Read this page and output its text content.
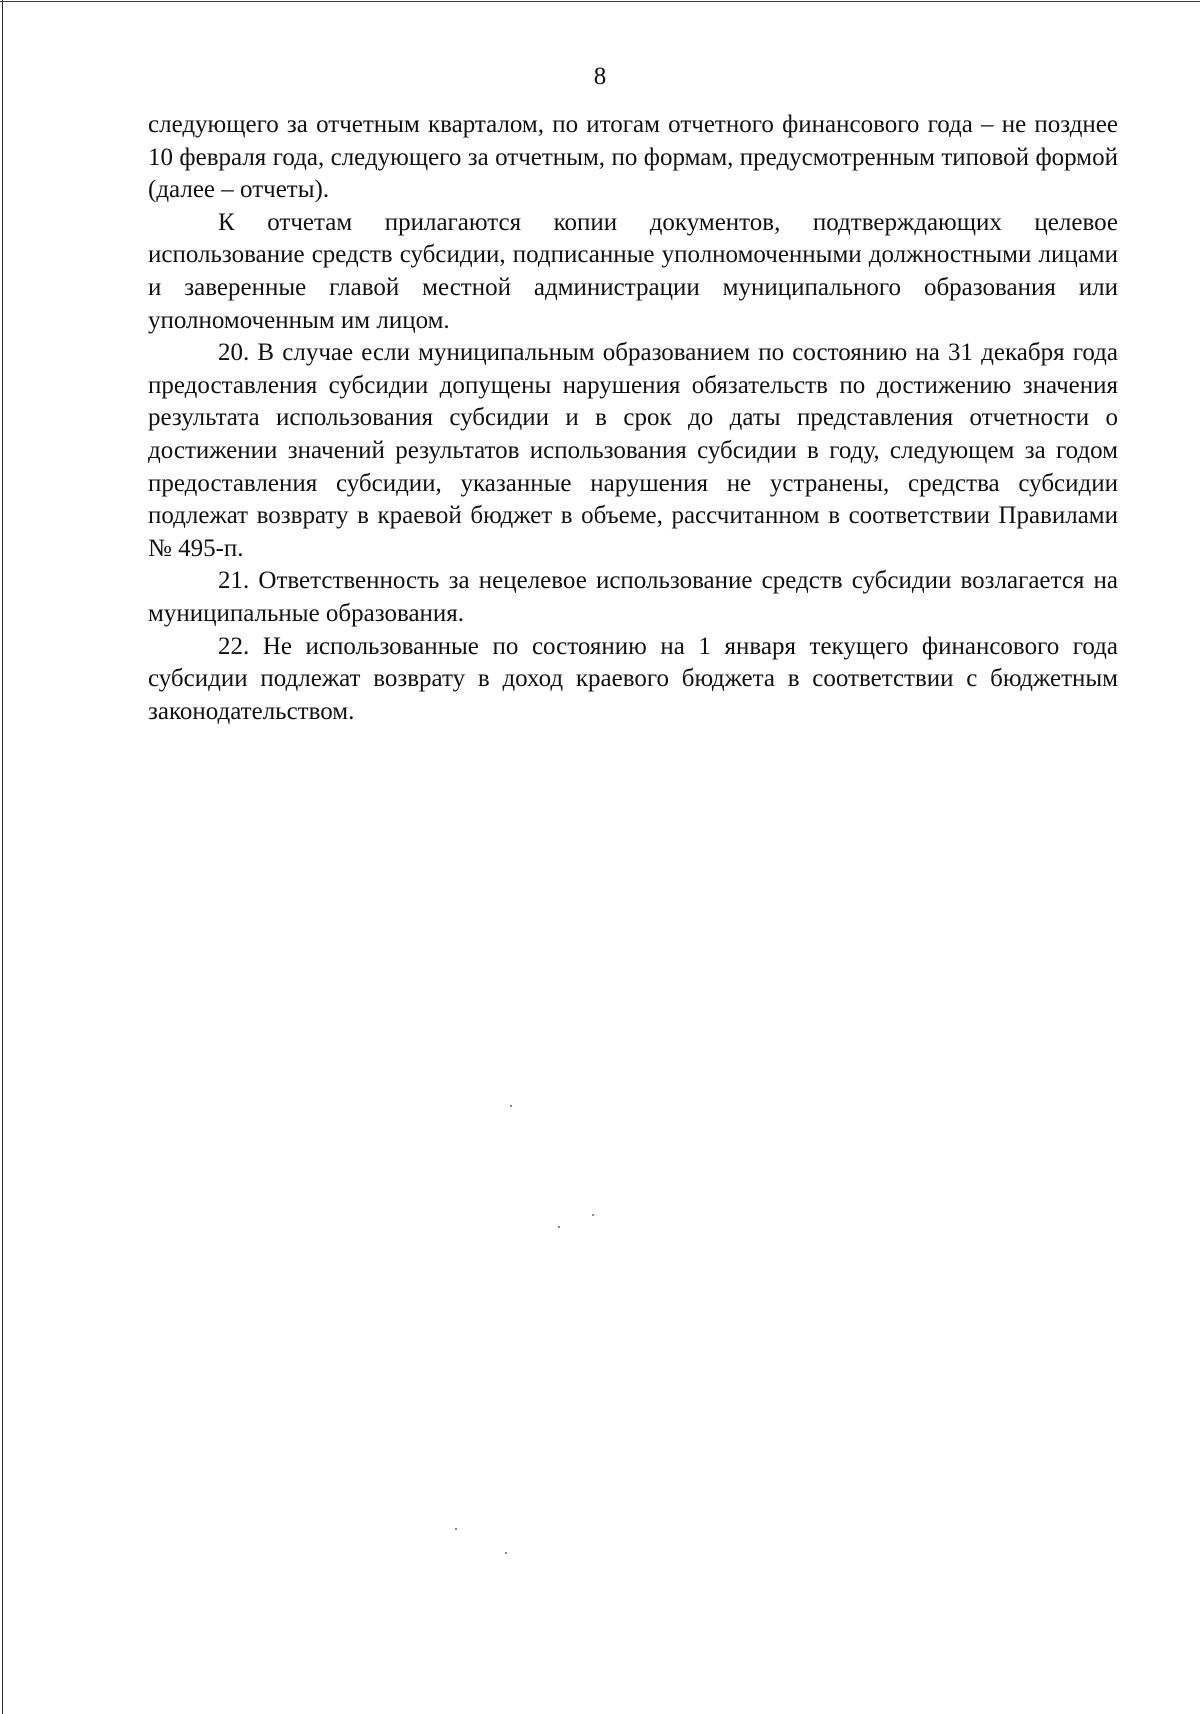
8

следующего за отчетным кварталом, по итогам отчетного финансового года – не позднее 10 февраля года, следующего за отчетным, по формам, предусмотренным типовой формой (далее – отчеты).

К отчетам прилагаются копии документов, подтверждающих целевое использование средств субсидии, подписанные уполномоченными должностными лицами и заверенные главой местной администрации муниципального образования или уполномоченным им лицом.

20. В случае если муниципальным образованием по состоянию на 31 декабря года предоставления субсидии допущены нарушения обязательств по достижению значения результата использования субсидии и в срок до даты представления отчетности о достижении значений результатов использования субсидии в году, следующем за годом предоставления субсидии, указанные нарушения не устранены, средства субсидии подлежат возврату в краевой бюджет в объеме, рассчитанном в соответствии Правилами № 495-п.

21. Ответственность за нецелевое использование средств субсидии возлагается на муниципальные образования.

22. Не использованные по состоянию на 1 января текущего финансового года субсидии подлежат возврату в доход краевого бюджета в соответствии с бюджетным законодательством.
